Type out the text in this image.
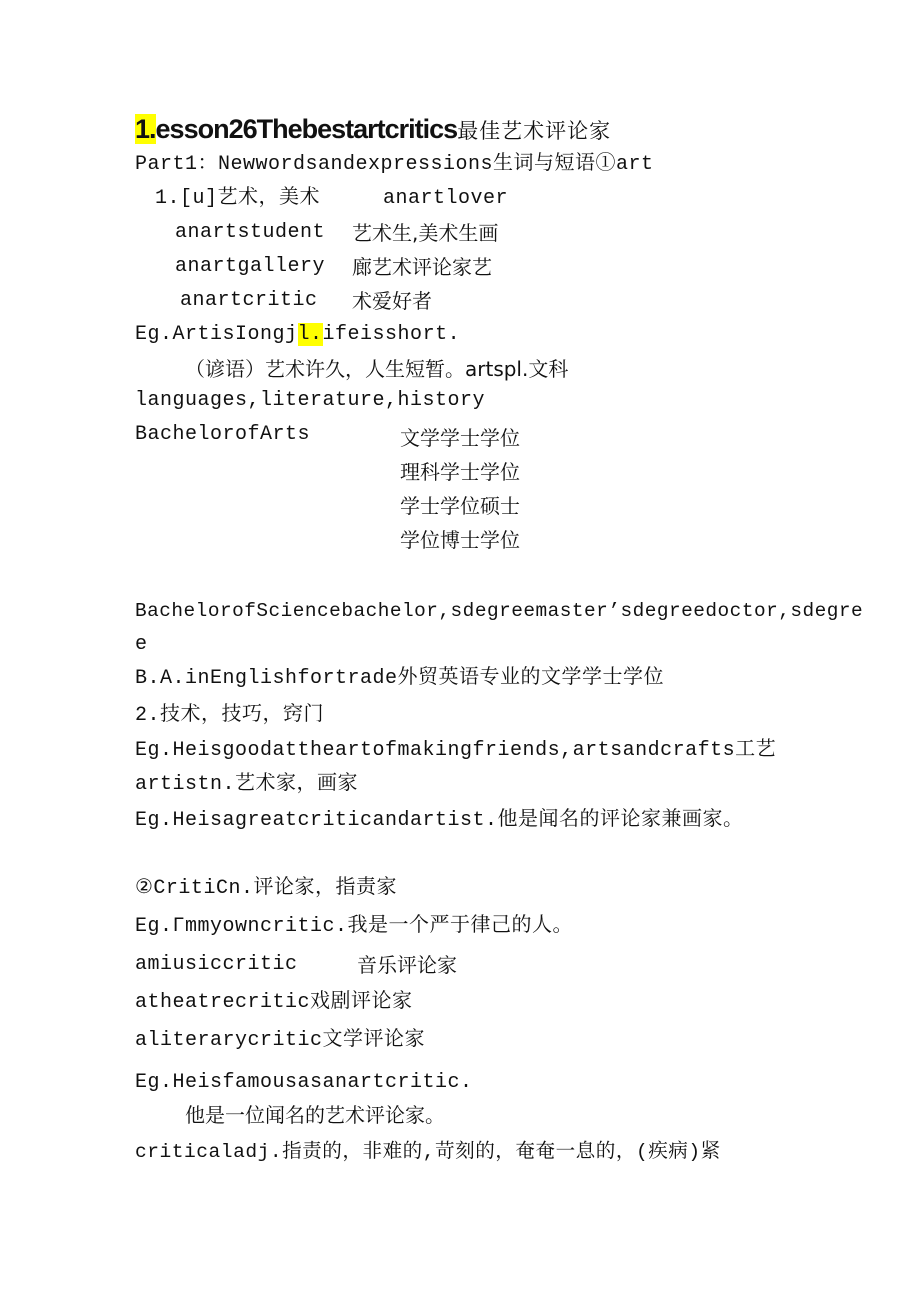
1.esson26Thebestartcritics最佳艺术评论家
Part1：Newwordsandexpressions生词与短语①art
1.[u]艺术，美术	anartlover
anartstudent 艺术生,美术生画
anartgallery 廊艺术评论家艺
anartcritic 术爱好者
Eg.ArtisIongjl.ifeisshort.
（谚语）艺术许久，人生短暂。artspl.文科
languages,literature,history
BachelorofArts	文学学士学位
理科学士学位
学士学位硕士
学位博士学位
BachelorofSciencebachelor,sdegreemaster’sdegreedoctor,sdegre
e
B.A.inEnglishfortrade外贸英语专业的文学学士学位
2.技术，技巧，窍门
Eg.Heisgoodattheartofmakingfriends,artsandcrafts工艺
artistn.艺术家，画家
Eg.Heisagreatcriticandartist.他是闻名的评论家兼画家。
②CritiCn.评论家，指责家
Eg.Γmmyowncritic.我是一个严于律己的人。
amiusiccritic	音乐评论家
atheatrecritic戏剧评论家
aliterarycritic文学评论家
Eg.Heisfamousasanartcritic.
他是一位闻名的艺术评论家。
criticaladj.指责的，非难的,苛刻的，奄奄一息的，(疾病)紧
